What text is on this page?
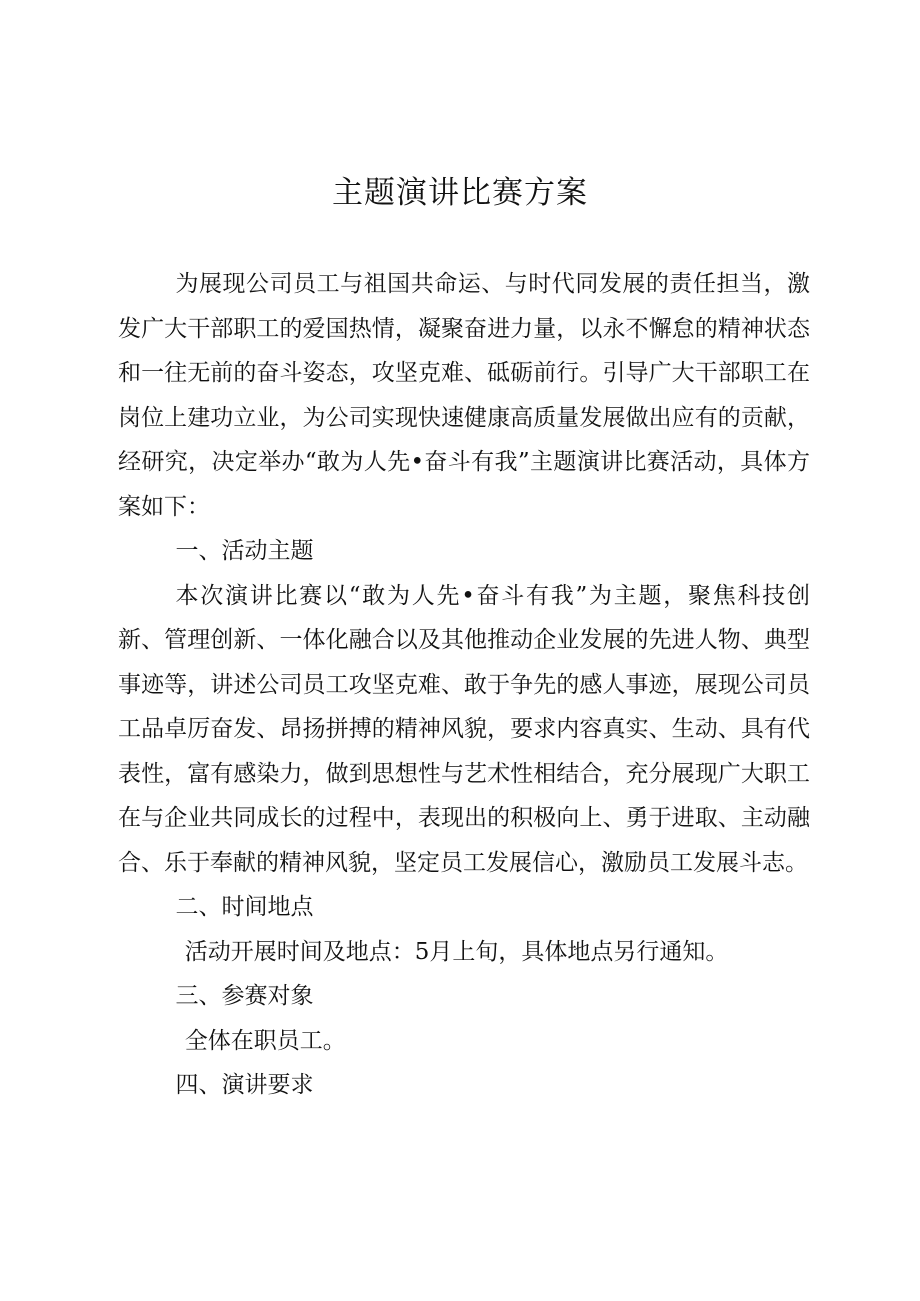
主题演讲比赛方案

为展现公司员工与祖国共命运、与时代同发展的责任担当，激发广大干部职工的爱国热情，凝聚奋进力量，以永不懈怠的精神状态和一往无前的奋斗姿态，攻坚克难、砥砺前行。引导广大干部职工在岗位上建功立业，为公司实现快速健康高质量发展做出应有的贡献，经研究，决定举办“敢为人先•奋斗有我”主题演讲比赛活动，具体方案如下：

一、活动主题

本次演讲比赛以“敢为人先•奋斗有我”为主题，聚焦科技创新、管理创新、一体化融合以及其他推动企业发展的先进人物、典型事迹等，讲述公司员工攻坚克难、敢于争先的感人事迹，展现公司员工品卓厉奋发、昂扬拼搏的精神风貌，要求内容真实、生动、具有代表性，富有感染力，做到思想性与艺术性相结合，充分展现广大职工在与企业共同成长的过程中，表现出的积极向上、勇于进取、主动融合、乐于奉献的精神风貌，坚定员工发展信心，激励员工发展斗志。

二、时间地点

活动开展时间及地点：5月上旬，具体地点另行通知。

三、参赛对象

全体在职员工。

四、演讲要求
